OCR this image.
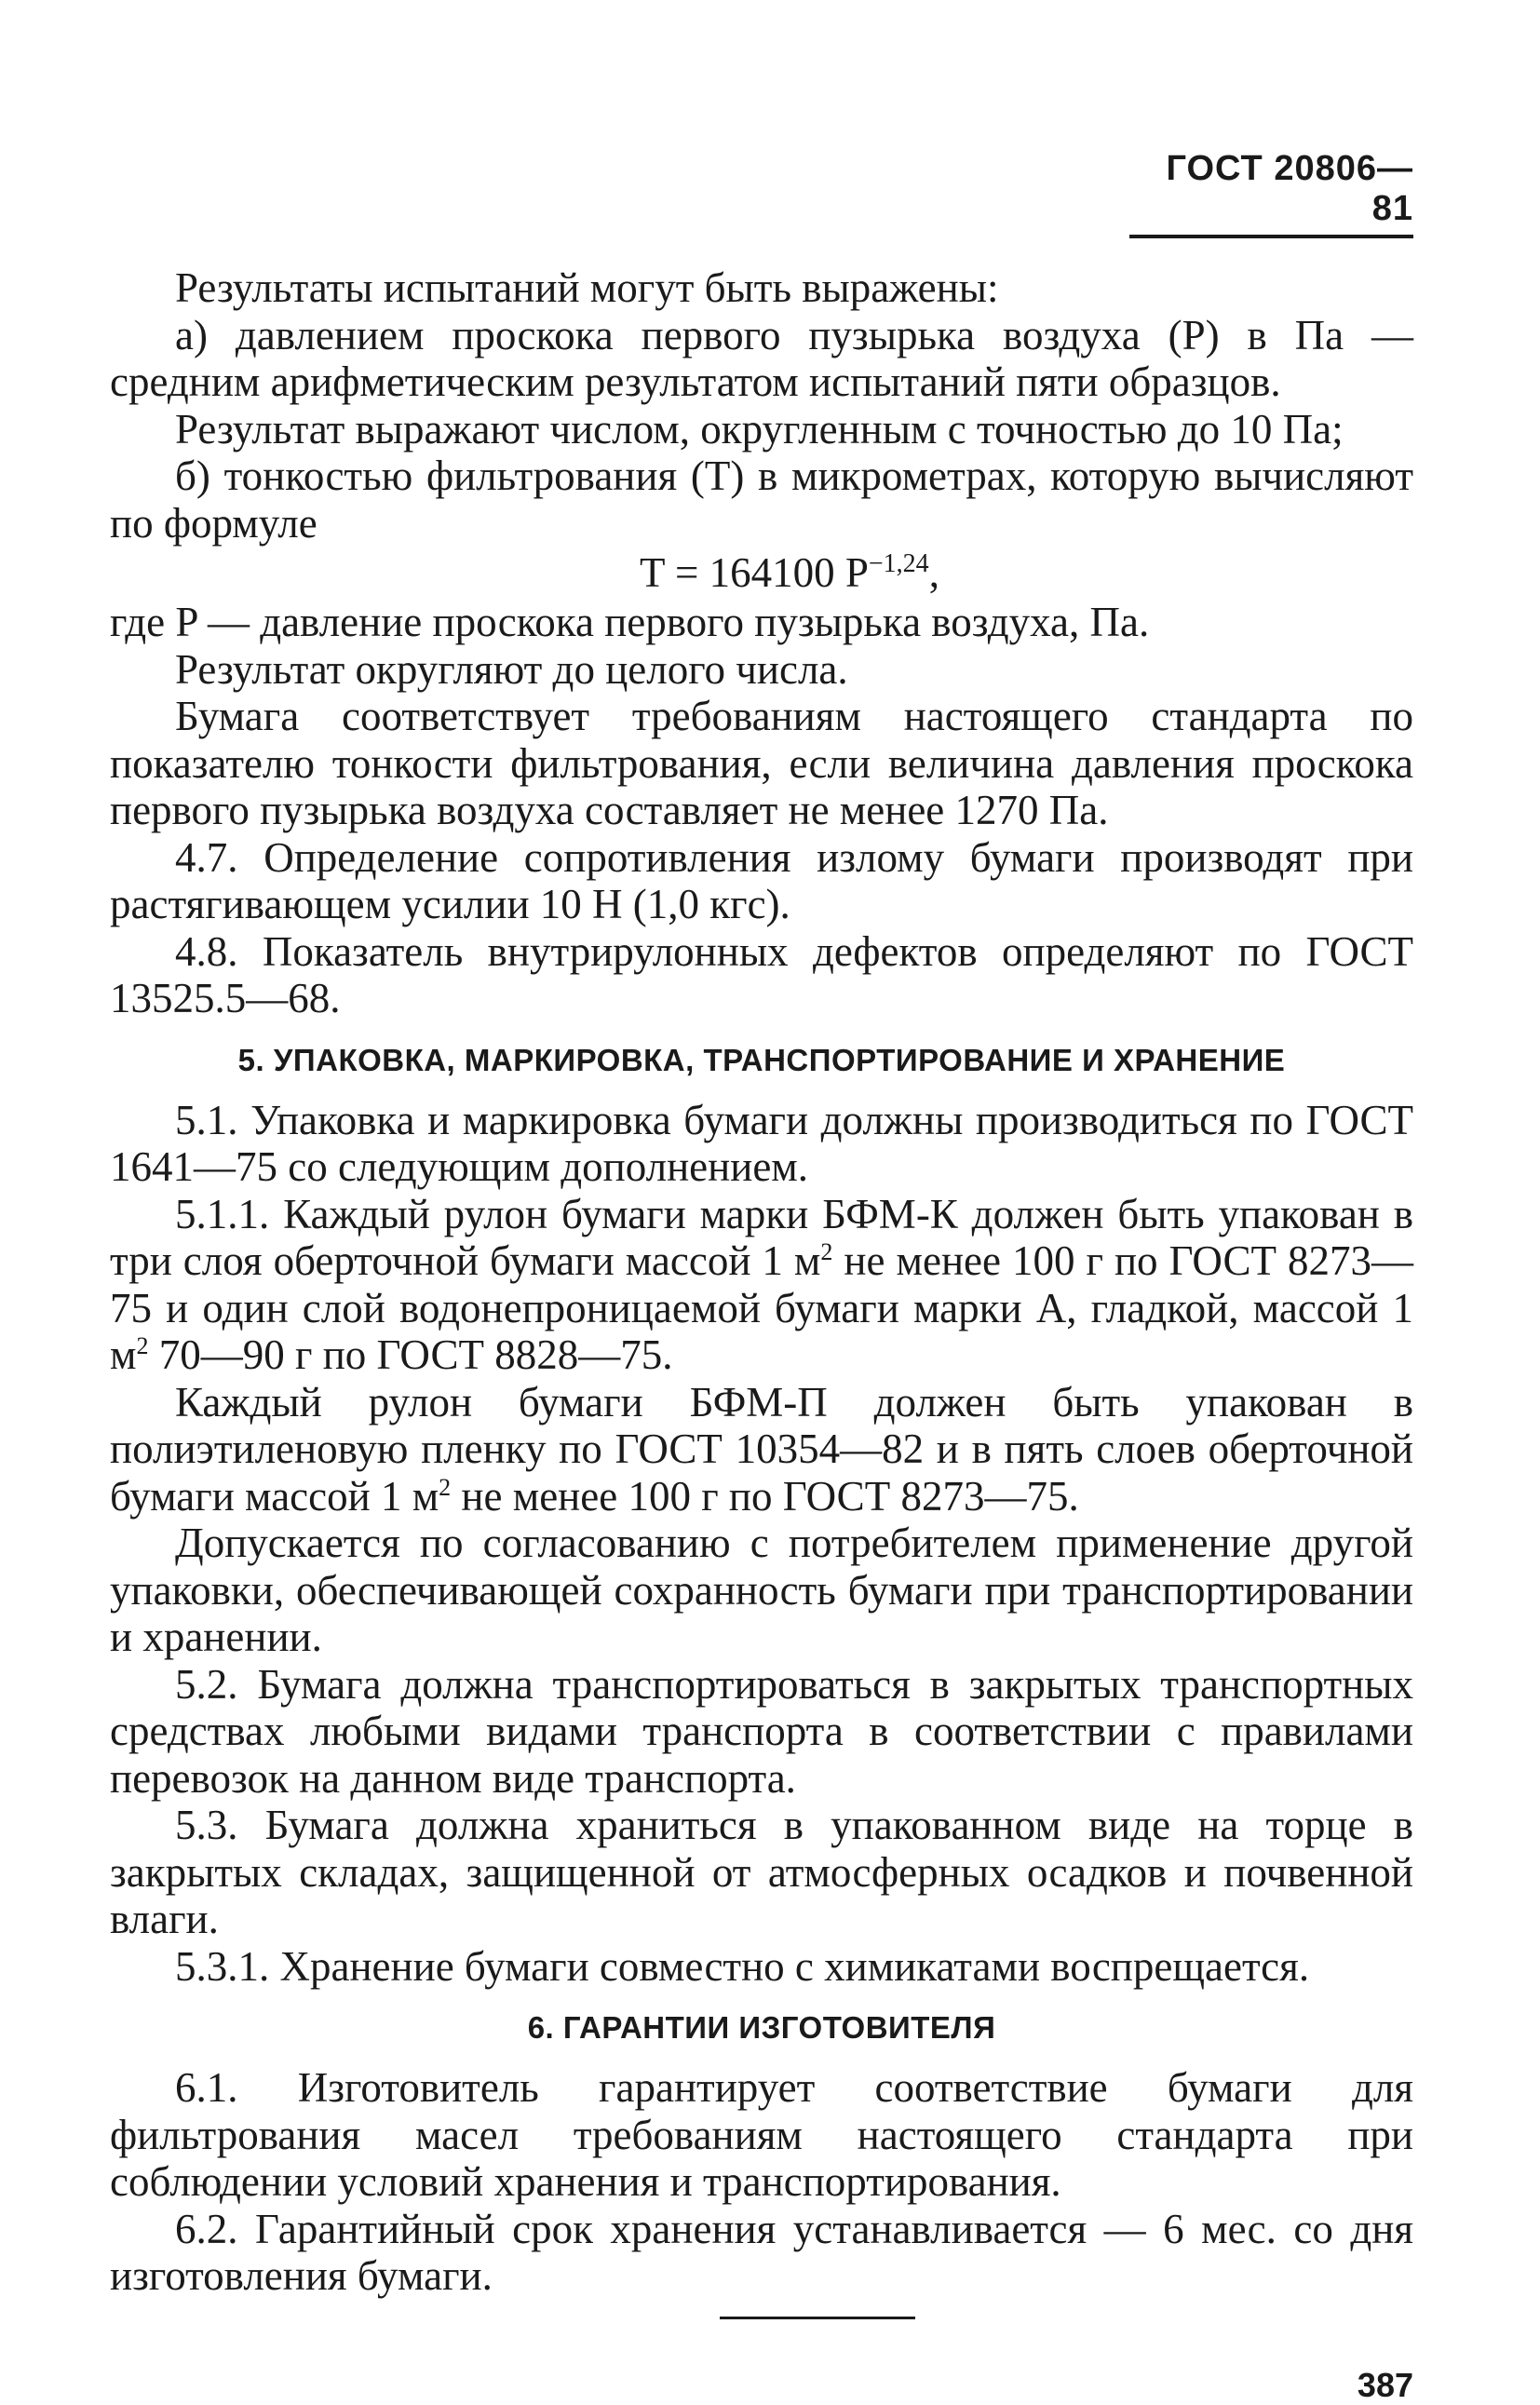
ГОСТ 20806—81

Результаты испытаний могут быть выражены:

а) давлением проскока первого пузырька воздуха (P) в Па — средним арифметическим результатом испытаний пяти образцов.

Результат выражают числом, округленным с точностью до 10 Па;

б) тонкостью фильтрования (T) в микрометрах, которую вычисляют по формуле

T = 164100 $P^{-1,24}$,

где P — давление проскока первого пузырька воздуха, Па.

Результат округляют до целого числа.

Бумага соответствует требованиям настоящего стандарта по показателю тонкости фильтрования, если величина давления проскока первого пузырька воздуха составляет не менее 1270 Па.

4.7. Определение сопротивления излому бумаги производят при растягивающем усилии 10 Н (1,0 кгс).

4.8. Показатель внутрирулонных дефектов определяют по ГОСТ 13525.5—68.

5. УПАКОВКА, МАРКИРОВКА, ТРАНСПОРТИРОВАНИЕ И ХРАНЕНИЕ

5.1. Упаковка и маркировка бумаги должны производиться по ГОСТ 1641—75 со следующим дополнением.

5.1.1. Каждый рулон бумаги марки БФМ-К должен быть упакован в три слоя оберточной бумаги массой 1 $м^2$ не менее 100 г по ГОСТ 8273—75 и один слой водонепроницаемой бумаги марки А, гладкой, массой 1 $м^2$ 70—90 г по ГОСТ 8828—75.

Каждый рулон бумаги БФМ-П должен быть упакован в полиэтиленовую пленку по ГОСТ 10354—82 и в пять слоев оберточной бумаги массой 1 $м^2$ не менее 100 г по ГОСТ 8273—75.

Допускается по согласованию с потребителем применение другой упаковки, обеспечивающей сохранность бумаги при транспортировании и хранении.

5.2. Бумага должна транспортироваться в закрытых транспортных средствах любыми видами транспорта в соответствии с правилами перевозок на данном виде транспорта.

5.3. Бумага должна храниться в упакованном виде на торце в закрытых складах, защищенной от атмосферных осадков и почвенной влаги.

5.3.1. Хранение бумаги совместно с химикатами воспрещается.

6. ГАРАНТИИ ИЗГОТОВИТЕЛЯ

6.1. Изготовитель гарантирует соответствие бумаги для фильтрования масел требованиям настоящего стандарта при соблюдении условий хранения и транспортирования.

6.2. Гарантийный срок хранения устанавливается — 6 мес. со дня изготовления бумаги.

387
